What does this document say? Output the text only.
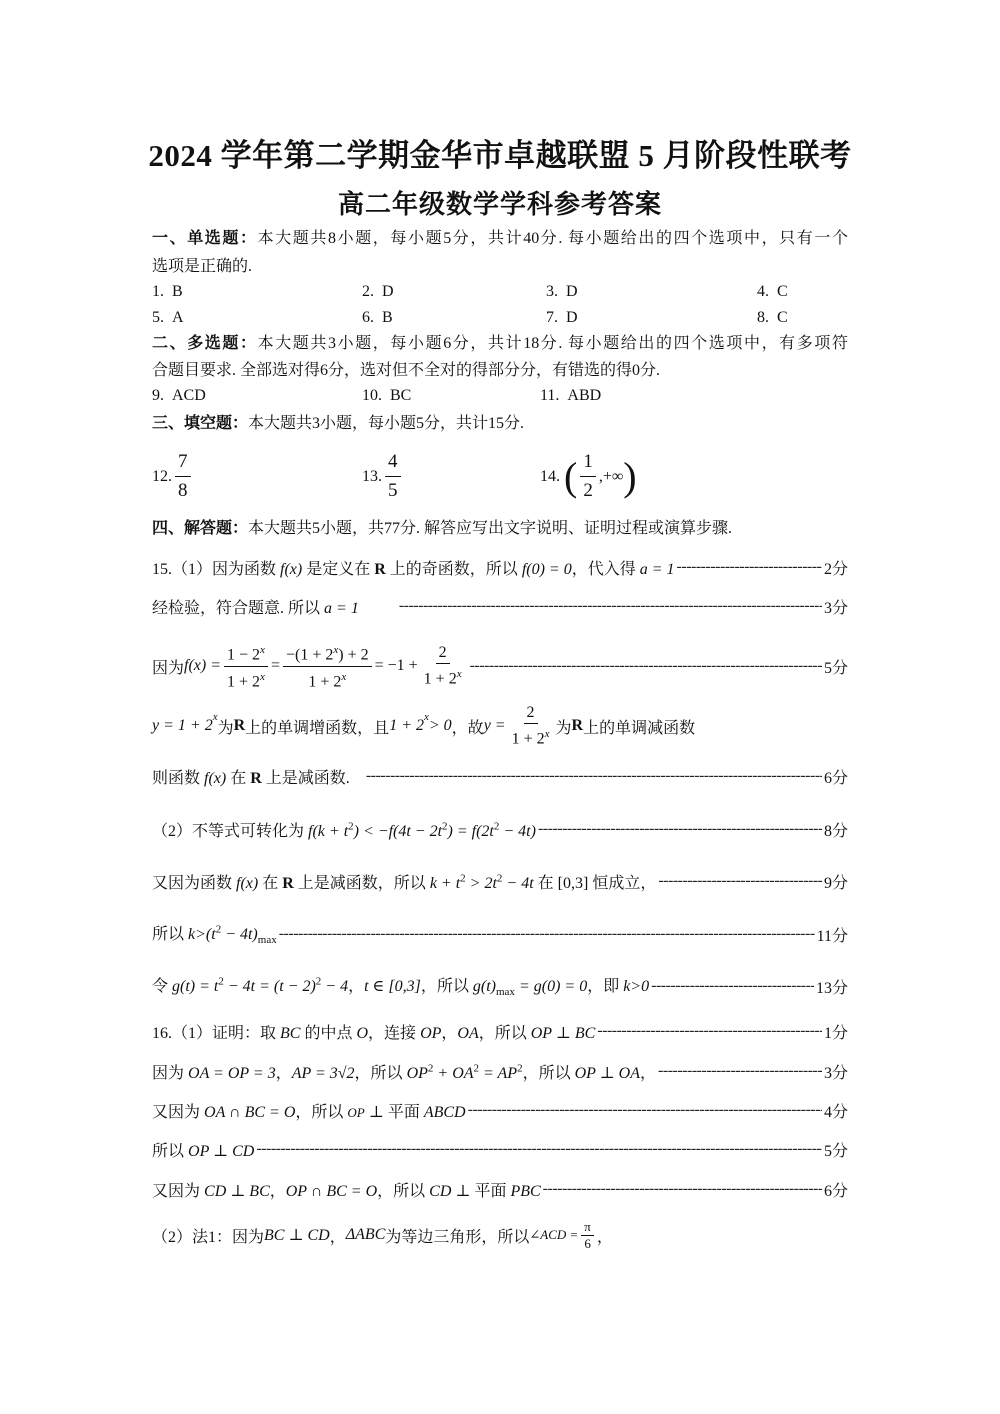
2024 学年第二学期金华市卓越联盟 5 月阶段性联考
高二年级数学学科参考答案
一、单选题：本大题共8小题，每小题5分，共计40分. 每小题给出的四个选项中，只有一个
选项是正确的.
1. B	2. D	3. D	4. C
5. A	6. B	7. D	8. C
二、多选题：本大题共3小题，每小题6分，共计18分. 每小题给出的四个选项中，有多项符
合题目要求. 全部选对得6分，选对但不全对的得部分分，有错选的得0分.
9. ACD	10. BC	11. ABD
三、填空题：本大题共3小题，每小题5分，共计15分.
12. $\frac{7}{8}$	13. $\frac{4}{5}$	14.
( $\frac{1}{2}$ ,+∞ )
四、解答题：本大题共5小题，共77分. 解答应写出文字说明、证明过程或演算步骤.
15.（1）因为函数 f(x) 是定义在 R 上的奇函数，所以 f(0) = 0，代入得 a = 1 -----	2分
经检验，符合题意. 所以 a = 1 -----	3分
因为 $f(x) = \frac{1 - 2^x}{1 + 2^x} = \frac{-(1 + 2^x) + 2}{1 + 2^x} = -1 + \frac{2}{1 + 2^x}$ -----	5分
y = 1 + 2
$^x$
为 R 上的单调增函数，且 1 + 2
$^x$
> 0 ，故 $y = \frac{2}{1 + 2^x}$ 为 R 上的单调减函数
则函数 f(x) 在 R 上是减函数. -----	6分
（2）不等式可转化为 $f(k + t^2) < -f(4t - 2t^2) = f(2t^2 - 4t)$ -----	8分
又因为函数 f(x) 在 R 上是减函数，所以 $k + t^2 > 2t^2 - 4t$ 在 [0,3] 恒成立， -----	9分
所以 $k>(t^2 - 4t)_{max}$ -----	11分
令 $g(t) = t^2 - 4t = (t - 2)^2 - 4$，t ∈ [0,3]，所以 $g(t)_{max} = g(0) = 0$，即 k>0 -----	13分
16.（1）证明：取 BC 的中点 O，连接 OP，OA，所以 OP ⊥ BC -----	1分
因为 OA = OP = 3，AP = 3√2，所以 $OP^2 + OA^2 = AP^2$，所以 OP ⊥ OA， -----	3分
又因为 OA ∩ BC = O，所以 OP ⊥ 平面 ABCD -----	4分
所以 OP ⊥ CD -----	5分
又因为 CD ⊥ BC，OP ∩ BC = O，所以 CD ⊥ 平面 PBC -----	6分
（2）法1：因为 BC ⊥ CD ， ΔABC 为等边三角形，所以 ∠ACD = $\frac{\pi}{6}$ ，
